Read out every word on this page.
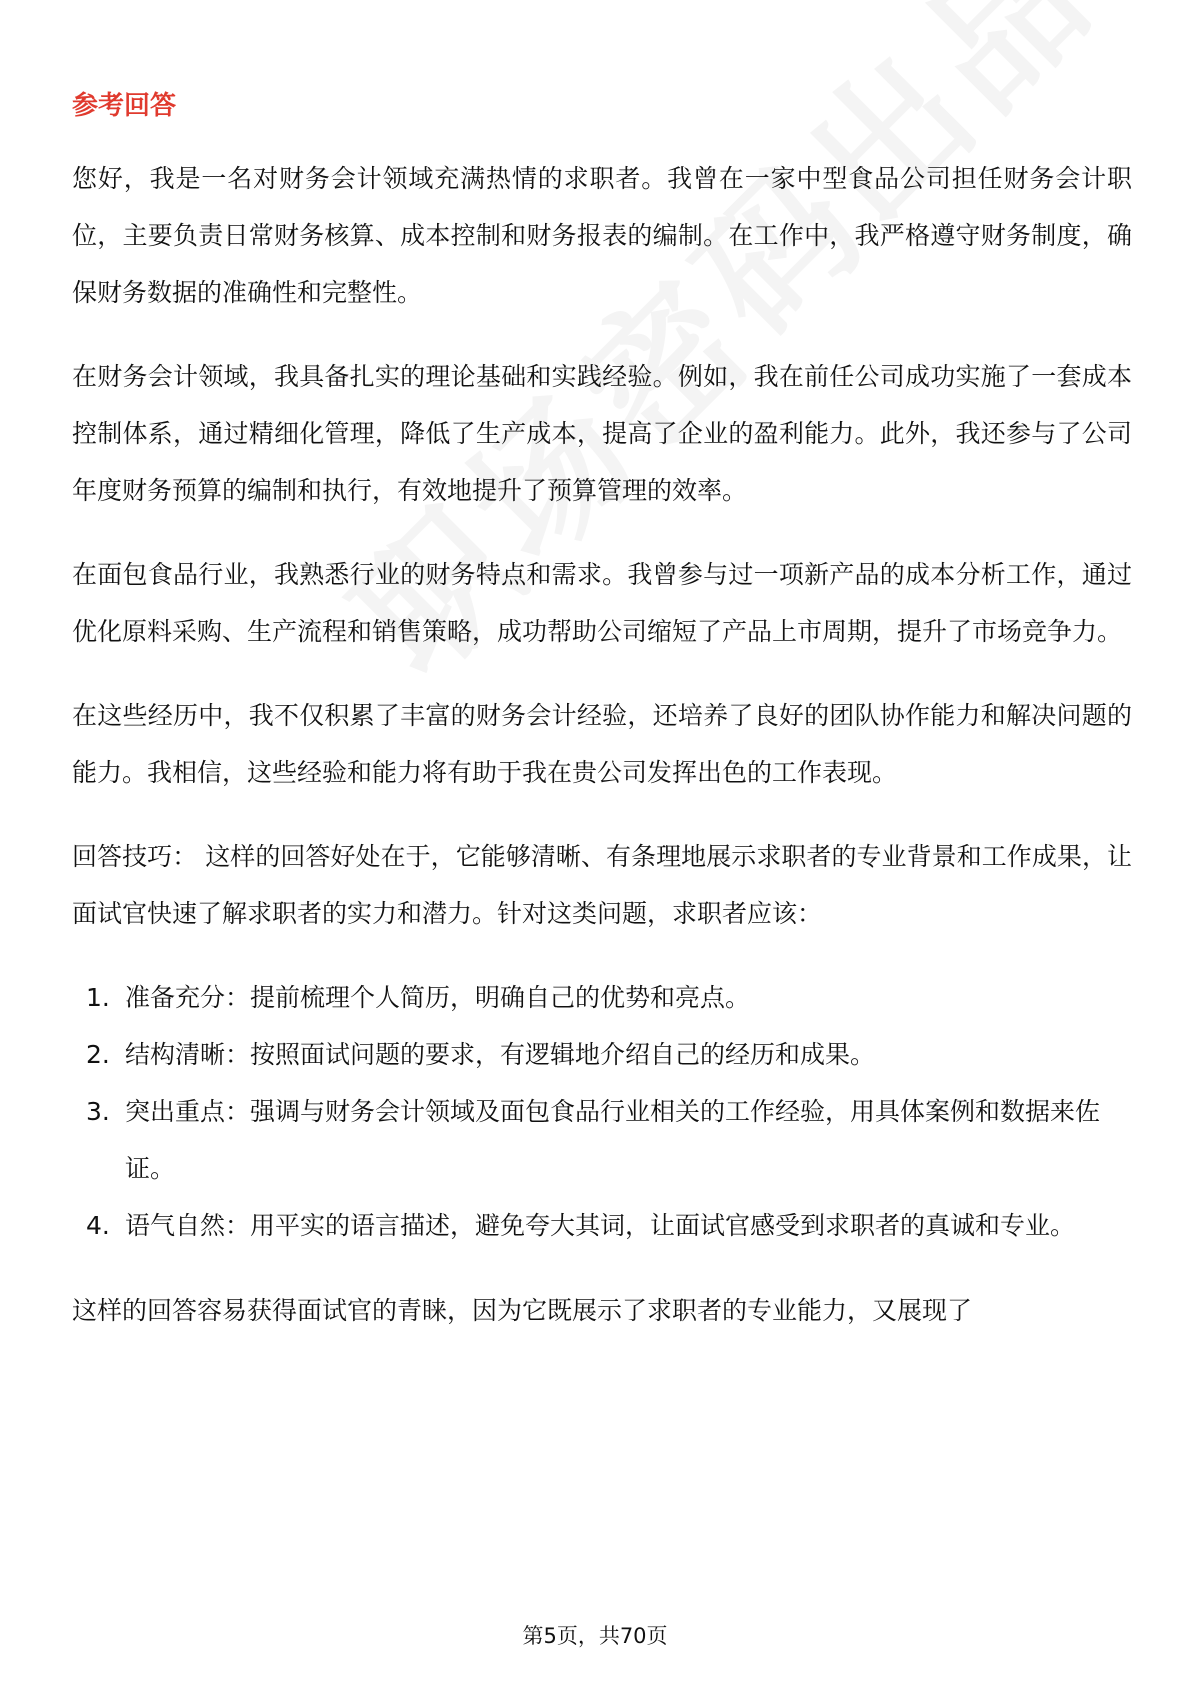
参考回答

您好，我是一名对财务会计领域充满热情的求职者。我曾在一家中型食品公司担任财务会计职位，主要负责日常财务核算、成本控制和财务报表的编制。在工作中，我严格遵守财务制度，确保财务数据的准确性和完整性。

在财务会计领域，我具备扎实的理论基础和实践经验。例如，我在前任公司成功实施了一套成本控制体系，通过精细化管理，降低了生产成本，提高了企业的盈利能力。此外，我还参与了公司年度财务预算的编制和执行，有效地提升了预算管理的效率。

在面包食品行业，我熟悉行业的财务特点和需求。我曾参与过一项新产品的成本分析工作，通过优化原料采购、生产流程和销售策略，成功帮助公司缩短了产品上市周期，提升了市场竞争力。

在这些经历中，我不仅积累了丰富的财务会计经验，还培养了良好的团队协作能力和解决问题的能力。我相信，这些经验和能力将有助于我在贵公司发挥出色的工作表现。

回答技巧： 这样的回答好处在于，它能够清晰、有条理地展示求职者的专业背景和工作成果，让面试官快速了解求职者的实力和潜力。针对这类问题，求职者应该：

1. 准备充分：提前梳理个人简历，明确自己的优势和亮点。
2. 结构清晰：按照面试问题的要求，有逻辑地介绍自己的经历和成果。
3. 突出重点：强调与财务会计领域及面包食品行业相关的工作经验，用具体案例和数据来佐证。
4. 语气自然：用平实的语言描述，避免夸大其词，让面试官感受到求职者的真诚和专业。

这样的回答容易获得面试官的青睐，因为它既展示了求职者的专业能力，又展现了

第5页，共70页
